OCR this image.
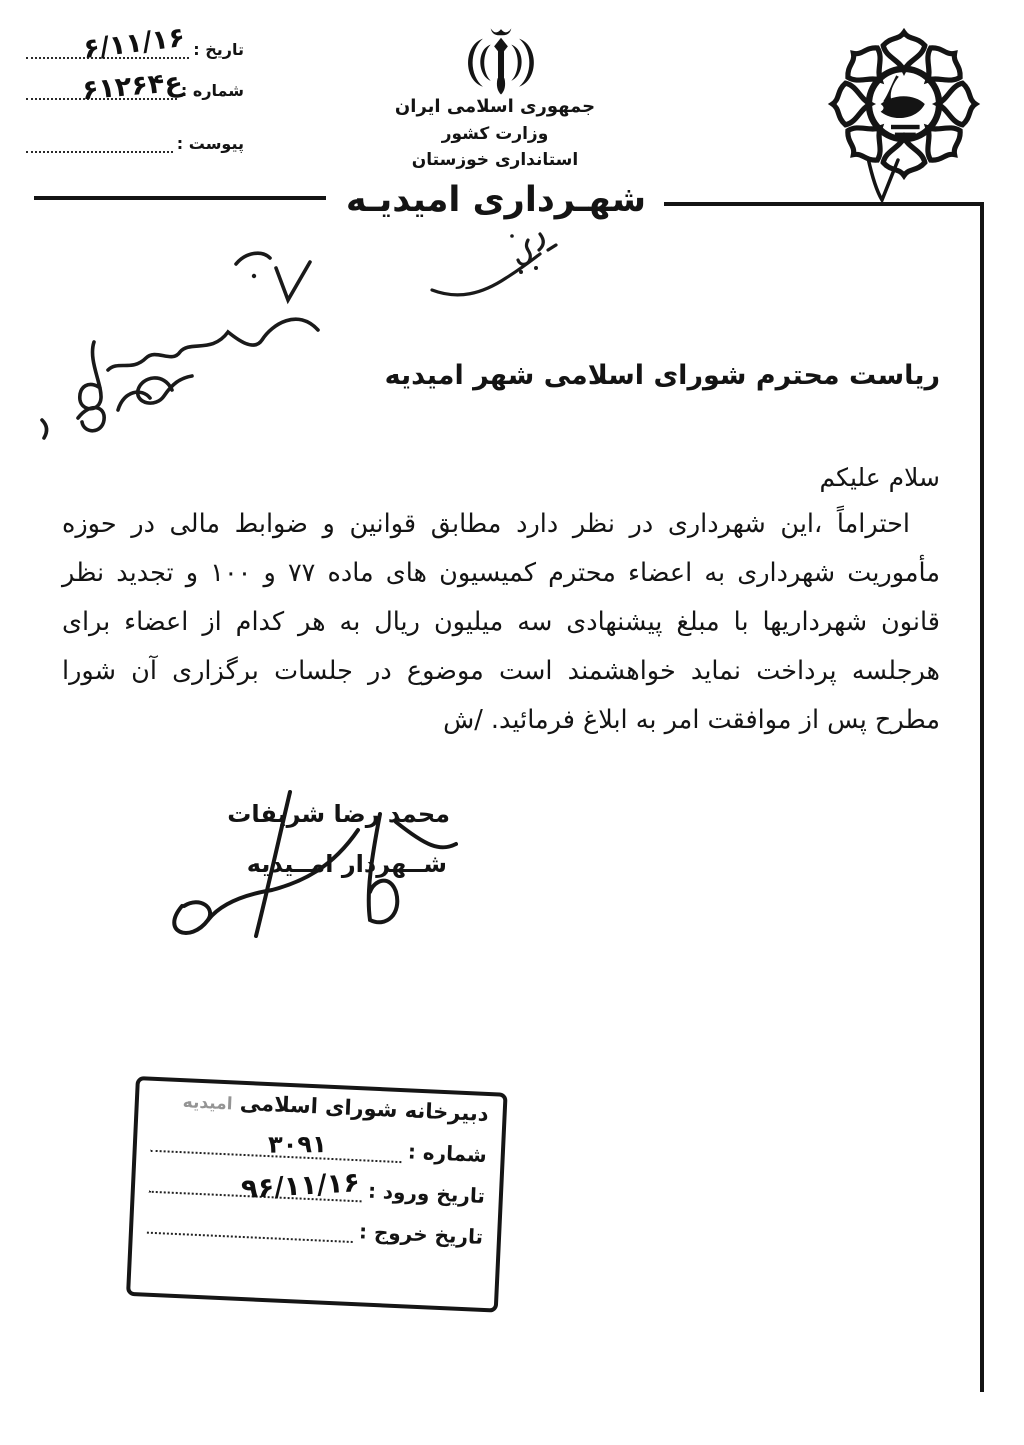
تاریخ :
۶/۱۱/۱۶
شماره :
ع۶۱۲۶۴
پیوست :
جمهوری اسلامی ایران
وزارت کشور
استانداری خوزستان
شهـرداری امیدیـه
ریاست محترم شورای اسلامی شهر امیدیه
سلام علیکم
احتراماً ،این شهرداری در نظر دارد مطابق قوانین و ضوابط مالی در حوزه
مأموریت شهرداری به اعضاء محترم کمیسیون های ماده ۷۷ و ۱۰۰ و تجدید نظر
قانون شهرداریها با مبلغ پیشنهادی سه میلیون ریال به هر کدام از اعضاء برای
هرجلسه پرداخت نماید خواهشمند است موضوع در جلسات برگزاری آن شورا
مطرح پس از موافقت امر به ابلاغ فرمائید. /ش
محمد رضا شریفات
شــهردار امــیدیه
دبیرخانه شورای اسلامی امیدیه
شماره :
۳۰۹۱
تاریخ ورود :
۹۶/۱۱/۱۶
تاریخ خروج :
